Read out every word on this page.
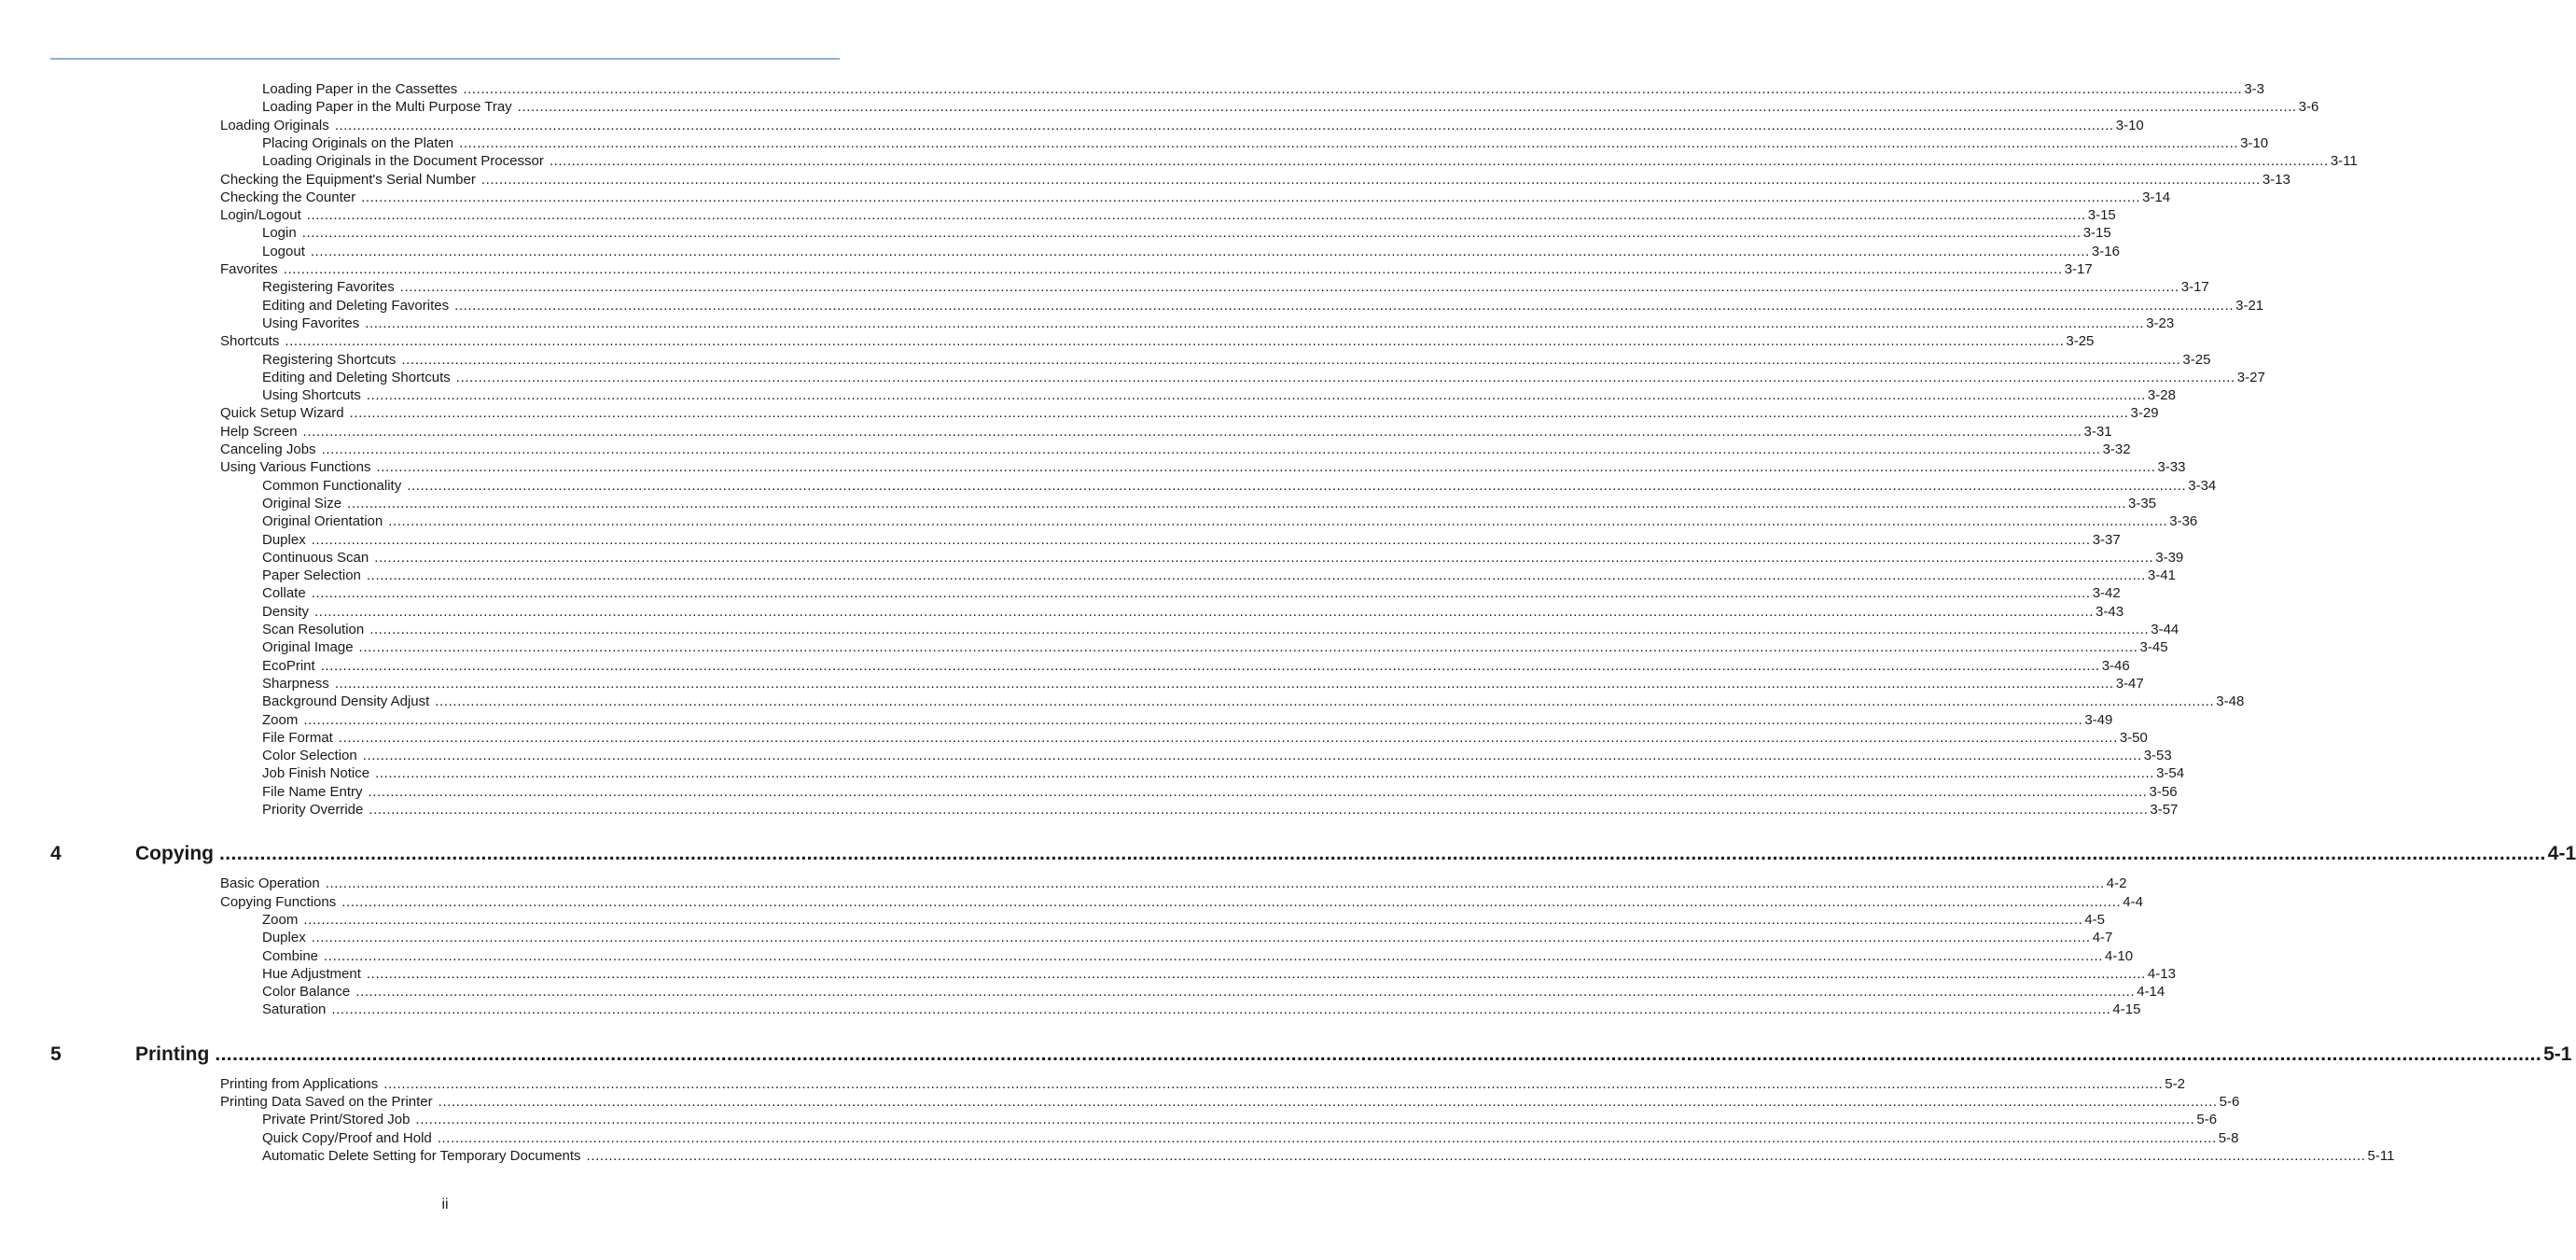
Loading Paper in the Cassettes ................................................................................................................................................................................................................................................................................................................................................................................................................ 3-3
Loading Paper in the Multi Purpose Tray ................................................................................................................................................................................................................................................................................................................................................................................................................ 3-6
Loading Originals ................................................................................................................................................................................................................................................................................................................................................................................................................ 3-10
Placing Originals on the Platen ................................................................................................................................................................................................................................................................................................................................................................................................................ 3-10
Loading Originals in the Document Processor ................................................................................................................................................................................................................................................................................................................................................................................................................ 3-11
Checking the Equipment's Serial Number ................................................................................................................................................................................................................................................................................................................................................................................................................ 3-13
Checking the Counter ................................................................................................................................................................................................................................................................................................................................................................................................................ 3-14
Login/Logout ................................................................................................................................................................................................................................................................................................................................................................................................................ 3-15
Login ................................................................................................................................................................................................................................................................................................................................................................................................................ 3-15
Logout ................................................................................................................................................................................................................................................................................................................................................................................................................ 3-16
Favorites ................................................................................................................................................................................................................................................................................................................................................................................................................ 3-17
Registering Favorites ................................................................................................................................................................................................................................................................................................................................................................................................................ 3-17
Editing and Deleting Favorites ................................................................................................................................................................................................................................................................................................................................................................................................................ 3-21
Using Favorites ................................................................................................................................................................................................................................................................................................................................................................................................................ 3-23
Shortcuts ................................................................................................................................................................................................................................................................................................................................................................................................................ 3-25
Registering Shortcuts ................................................................................................................................................................................................................................................................................................................................................................................................................ 3-25
Editing and Deleting Shortcuts ................................................................................................................................................................................................................................................................................................................................................................................................................ 3-27
Using Shortcuts ................................................................................................................................................................................................................................................................................................................................................................................................................ 3-28
Quick Setup Wizard ................................................................................................................................................................................................................................................................................................................................................................................................................ 3-29
Help Screen ................................................................................................................................................................................................................................................................................................................................................................................................................ 3-31
Canceling Jobs ................................................................................................................................................................................................................................................................................................................................................................................................................ 3-32
Using Various Functions ................................................................................................................................................................................................................................................................................................................................................................................................................ 3-33
Common Functionality ................................................................................................................................................................................................................................................................................................................................................................................................................ 3-34
Original Size ................................................................................................................................................................................................................................................................................................................................................................................................................ 3-35
Original Orientation ................................................................................................................................................................................................................................................................................................................................................................................................................ 3-36
Duplex ................................................................................................................................................................................................................................................................................................................................................................................................................ 3-37
Continuous Scan ................................................................................................................................................................................................................................................................................................................................................................................................................ 3-39
Paper Selection ................................................................................................................................................................................................................................................................................................................................................................................................................ 3-41
Collate ................................................................................................................................................................................................................................................................................................................................................................................................................ 3-42
Density ................................................................................................................................................................................................................................................................................................................................................................................................................ 3-43
Scan Resolution ................................................................................................................................................................................................................................................................................................................................................................................................................ 3-44
Original Image ................................................................................................................................................................................................................................................................................................................................................................................................................ 3-45
EcoPrint ................................................................................................................................................................................................................................................................................................................................................................................................................ 3-46
Sharpness ................................................................................................................................................................................................................................................................................................................................................................................................................ 3-47
Background Density Adjust ................................................................................................................................................................................................................................................................................................................................................................................................................ 3-48
Zoom ................................................................................................................................................................................................................................................................................................................................................................................................................ 3-49
File Format ................................................................................................................................................................................................................................................................................................................................................................................................................ 3-50
Color Selection ................................................................................................................................................................................................................................................................................................................................................................................................................ 3-53
Job Finish Notice ................................................................................................................................................................................................................................................................................................................................................................................................................ 3-54
File Name Entry ................................................................................................................................................................................................................................................................................................................................................................................................................ 3-56
Priority Override ................................................................................................................................................................................................................................................................................................................................................................................................................ 3-57
4	Copying ................................................................................................................................................................................................................................................................................................................................................................................................................ 4-1
Basic Operation ................................................................................................................................................................................................................................................................................................................................................................................................................ 4-2
Copying Functions ................................................................................................................................................................................................................................................................................................................................................................................................................ 4-4
Zoom ................................................................................................................................................................................................................................................................................................................................................................................................................ 4-5
Duplex ................................................................................................................................................................................................................................................................................................................................................................................................................ 4-7
Combine ................................................................................................................................................................................................................................................................................................................................................................................................................ 4-10
Hue Adjustment ................................................................................................................................................................................................................................................................................................................................................................................................................ 4-13
Color Balance ................................................................................................................................................................................................................................................................................................................................................................................................................ 4-14
Saturation ................................................................................................................................................................................................................................................................................................................................................................................................................ 4-15
5	Printing ................................................................................................................................................................................................................................................................................................................................................................................................................ 5-1
Printing from Applications ................................................................................................................................................................................................................................................................................................................................................................................................................ 5-2
Printing Data Saved on the Printer ................................................................................................................................................................................................................................................................................................................................................................................................................ 5-6
Private Print/Stored Job ................................................................................................................................................................................................................................................................................................................................................................................................................ 5-6
Quick Copy/Proof and Hold ................................................................................................................................................................................................................................................................................................................................................................................................................ 5-8
Automatic Delete Setting for Temporary Documents ................................................................................................................................................................................................................................................................................................................................................................................................................ 5-11
ii
